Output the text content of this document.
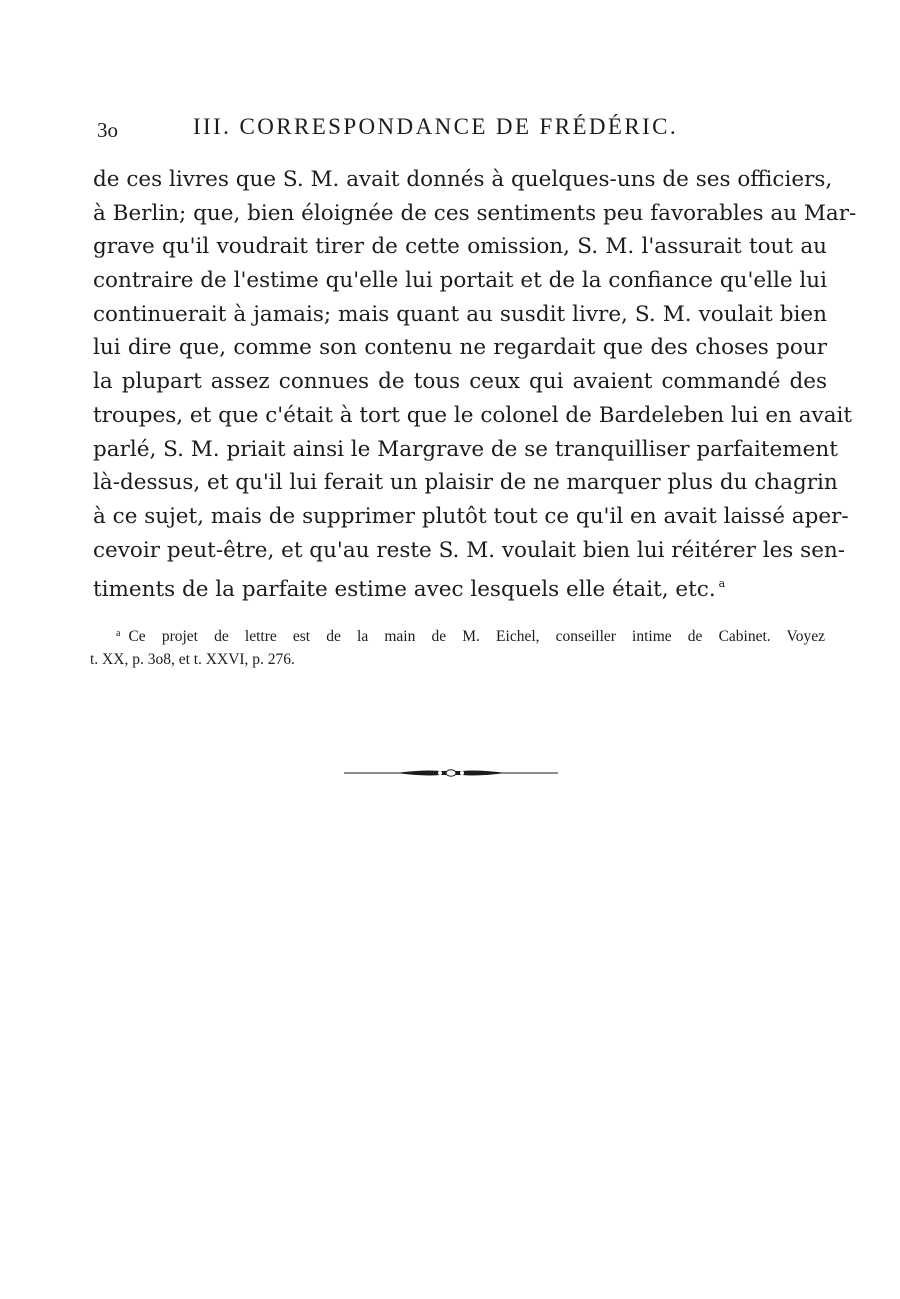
3o	III. CORRESPONDANCE DE FRÉDÉRIC.
de ces livres que S. M. avait donnés à quelques-uns de ses officiers,
à Berlin; que, bien éloignée de ces sentiments peu favorables au Mar-
grave qu'il voudrait tirer de cette omission, S. M. l'assurait tout au
contraire de l'estime qu'elle lui portait et de la confiance qu'elle lui
continuerait à jamais; mais quant au susdit livre, S. M. voulait bien
lui dire que, comme son contenu ne regardait que des choses pour
la plupart assez connues de tous ceux qui avaient commandé des
troupes, et que c'était à tort que le colonel de Bardeleben lui en avait
parlé, S. M. priait ainsi le Margrave de se tranquilliser parfaitement
là-dessus, et qu'il lui ferait un plaisir de ne marquer plus du chagrin
à ce sujet, mais de supprimer plutôt tout ce qu'il en avait laissé aper-
cevoir peut-être, et qu'au reste S. M. voulait bien lui réitérer les sen-
timents de la parfaite estime avec lesquels elle était, etc. $^a$
$^a$ Ce projet de lettre est de la main de M. Eichel, conseiller intime de Cabinet. Voyez
t. XX, p. 3o8, et t. XXVI, p. 276.
